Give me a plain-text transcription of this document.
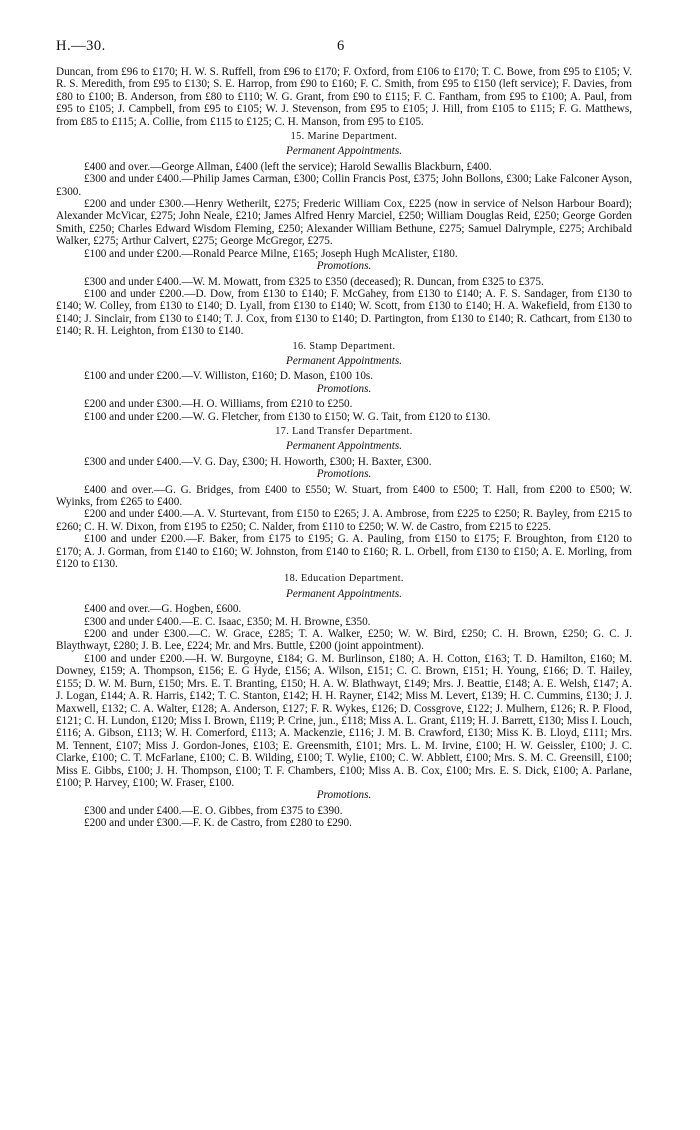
H.—30.	6

Duncan, from £96 to £170; H. W. S. Ruffell, from £96 to £170; F. Oxford, from £106 to £170; T. C. Bowe, from £95 to £105; V. R. S. Meredith, from £95 to £130; S. E. Harrop, from £90 to £160; F. C. Smith, from £95 to £150 (left service); F. Davies, from £80 to £100; B. Anderson, from £80 to £110; W. G. Grant, from £90 to £115; F. C. Fantham, from £95 to £100; A. Paul, from £95 to £105; J. Campbell, from £95 to £105; W. J. Stevenson, from £95 to £105; J. Hill, from £105 to £115; F. G. Matthews, from £85 to £115; A. Collie, from £115 to £125; C. H. Manson, from £95 to £105.

15. Marine Department.
Permanent Appointments.

£400 and over.—George Allman, £400 (left the service); Harold Sewallis Blackburn, £400.

£300 and under £400.—Philip James Carman, £300; Collin Francis Post, £375; John Bollons, £300; Lake Falconer Ayson, £300.

£200 and under £300.—Henry Wetherilt, £275; Frederic William Cox, £225 (now in service of Nelson Harbour Board); Alexander McVicar, £275; John Neale, £210; James Alfred Henry Marciel, £250; William Douglas Reid, £250; George Gorden Smith, £250; Charles Edward Wisdom Fleming, £250; Alexander William Bethune, £275; Samuel Dalrymple, £275; Archibald Walker, £275; Arthur Calvert, £275; George McGregor, £275.

£100 and under £200.—Ronald Pearce Milne, £165; Joseph Hugh McAlister, £180.

Promotions.

£300 and under £400.—W. M. Mowatt, from £325 to £350 (deceased); R. Duncan, from £325 to £375.

£100 and under £200.—D. Dow, from £130 to £140; F. McGahey, from £130 to £140; A. F. S. Sandager, from £130 to £140; W. Colley, from £130 to £140; D. Lyall, from £130 to £140; W. Scott, from £130 to £140; H. A. Wakefield, from £130 to £140; J. Sinclair, from £130 to £140; T. J. Cox, from £130 to £140; D. Partington, from £130 to £140; R. Cathcart, from £130 to £140; R. H. Leighton, from £130 to £140.

16. Stamp Department.
Permanent Appointments.

£100 and under £200.—V. Williston, £160; D. Mason, £100 10s.

Promotions.

£200 and under £300.—H. O. Williams, from £210 to £250.

£100 and under £200.—W. G. Fletcher, from £130 to £150; W. G. Tait, from £120 to £130.

17. Land Transfer Department.
Permanent Appointments.

£300 and under £400.—V. G. Day, £300; H. Howorth, £300; H. Baxter, £300.

Promotions.

£400 and over.—G. G. Bridges, from £400 to £550; W. Stuart, from £400 to £500; T. Hall, from £200 to £500; W. Wyinks, from £265 to £400.

£200 and under £400.—A. V. Sturtevant, from £150 to £265; J. A. Ambrose, from £225 to £250; R. Bayley, from £215 to £260; C. H. W. Dixon, from £195 to £250; C. Nalder, from £110 to £250; W. W. de Castro, from £215 to £225.

£100 and under £200.—F. Baker, from £175 to £195; G. A. Pauling, from £150 to £175; F. Broughton, from £120 to £170; A. J. Gorman, from £140 to £160; W. Johnston, from £140 to £160; R. L. Orbell, from £130 to £150; A. E. Morling, from £120 to £130.

18. Education Department.
Permanent Appointments.

£400 and over.—G. Hogben, £600.

£300 and under £400.—E. C. Isaac, £350; M. H. Browne, £350.

£200 and under £300.—C. W. Grace, £285; T. A. Walker, £250; W. W. Bird, £250; C. H. Brown, £250; G. C. J. Blaythwayt, £280; J. B. Lee, £224; Mr. and Mrs. Buttle, £200 (joint appointment).

£100 and under £200.—H. W. Burgoyne, £184; G. M. Burlinson, £180; A. H. Cotton, £163; T. D. Hamilton, £160; M. Downey, £159; A. Thompson, £156; E. G Hyde, £156; A. Wilson, £151; C. C. Brown, £151; H. Young, £166; D. T. Hailey, £155; D. W. M. Burn, £150; Mrs. E. T. Branting, £150; H. A. W. Blathwayt, £149; Mrs. J. Beattie, £148; A. E. Welsh, £147; A. J. Logan, £144; A. R. Harris, £142; T. C. Stanton, £142; H. H. Rayner, £142; Miss M. Levert, £139; H. C. Cummins, £130; J. J. Maxwell, £132; C. A. Walter, £128; A. Anderson, £127; F. R. Wykes, £126; D. Cossgrove, £122; J. Mulhern, £126; R. P. Flood, £121; C. H. Lundon, £120; Miss I. Brown, £119; P. Crine, jun., £118; Miss A. L. Grant, £119; H. J. Barrett, £130; Miss I. Louch, £116; A. Gibson, £113; W. H. Comerford, £113; A. Mackenzie, £116; J. M. B. Crawford, £130; Miss K. B. Lloyd, £111; Mrs. M. Tennent, £107; Miss J. Gordon-Jones, £103; E. Greensmith, £101; Mrs. L. M. Irvine, £100; H. W. Geissler, £100; J. C. Clarke, £100; C. T. McFarlane, £100; C. B. Wilding, £100; T. Wylie, £100; C. W. Abblett, £100; Mrs. S. M. C. Greensill, £100; Miss E. Gibbs, £100; J. H. Thompson, £100; T. F. Chambers, £100; Miss A. B. Cox, £100; Mrs. E. S. Dick, £100; A. Parlane, £100; P. Harvey, £100; W. Fraser, £100.

Promotions.

£300 and under £400.—E. O. Gibbes, from £375 to £390.

£200 and under £300.—F. K. de Castro, from £280 to £290.
